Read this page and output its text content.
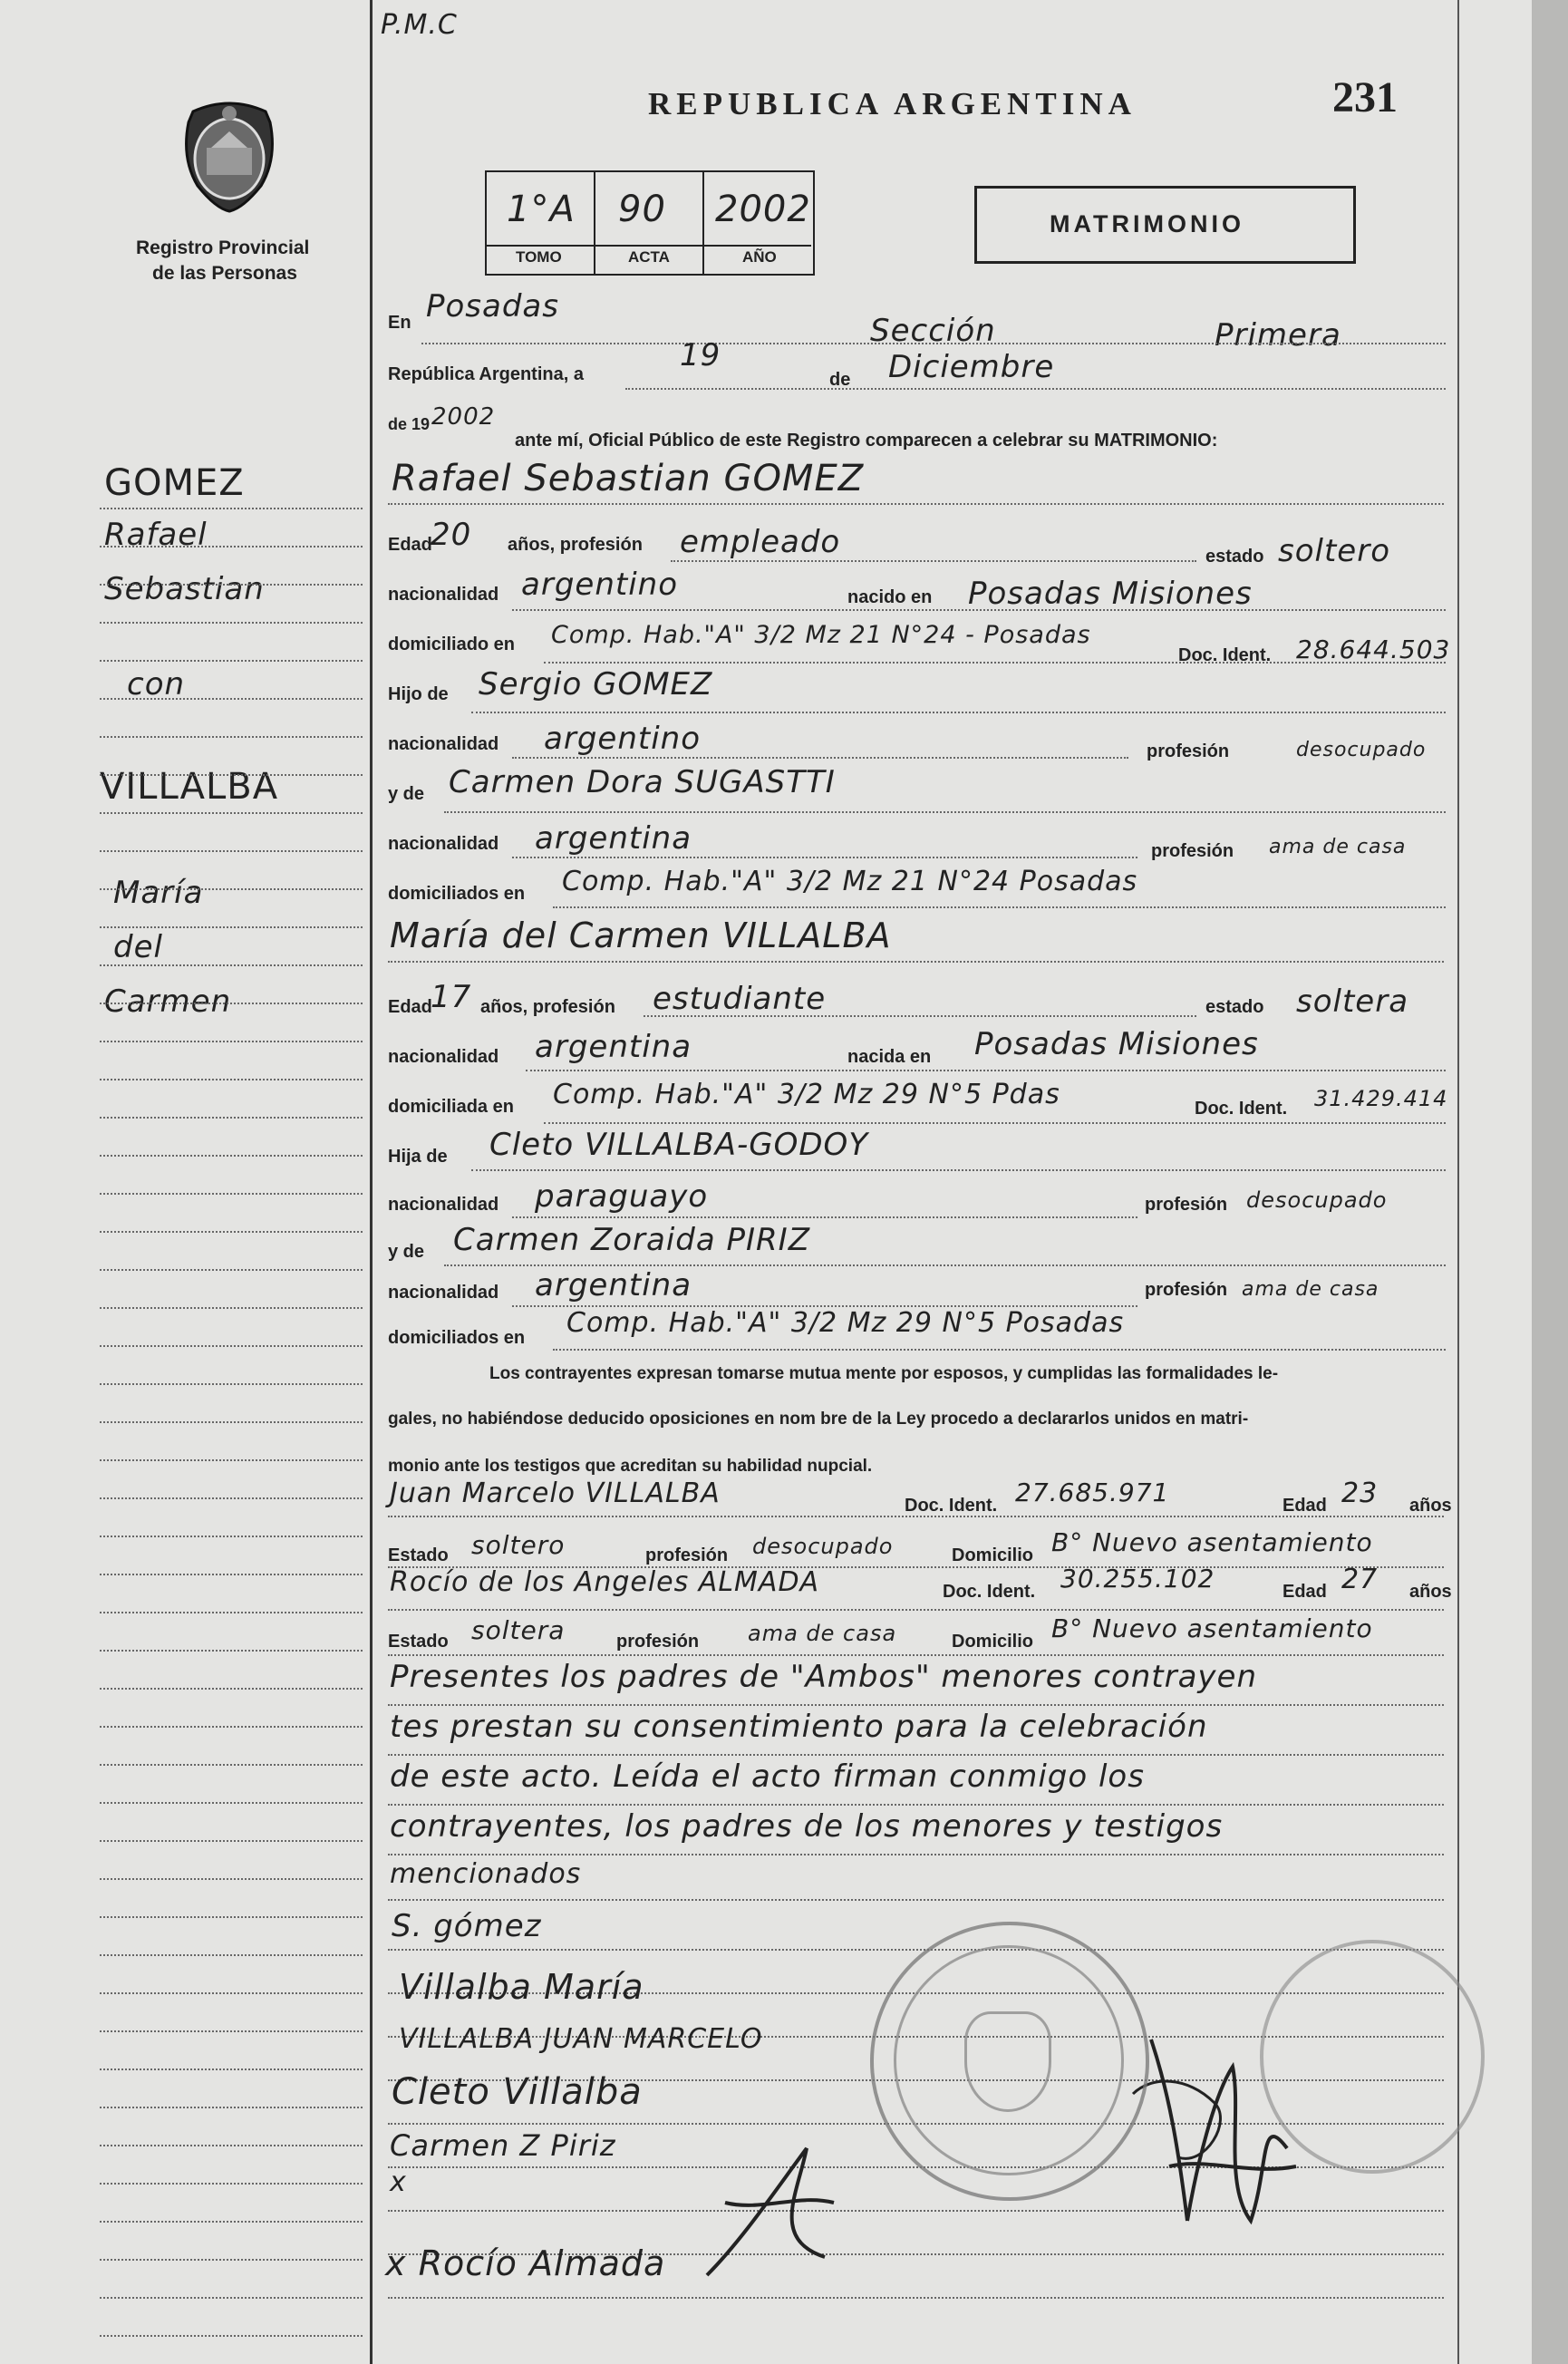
P.M.C
REPUBLICA ARGENTINA	231
Registro Provincial
de las Personas
1°A
TOMO
90
ACTA
2002
AÑO
MATRIMONIO
GOMEZ
Rafael
Sebastian
con
VILLALBA
María
del
Carmen
En Posadas
Sección	Primera
República Argentina, a
19
de Diciembre
de 19 2002
ante mí, Oficial Público de este Registro comparecen a celebrar su MATRIMONIO:
Rafael Sebastian GOMEZ
Edad
20 años, profesión empleado	estado soltero
nacionalidad argentino	nacido en Posadas Misiones
domiciliado en Comp. Hab."A" 3/2 Mz 21 N°24 - Posadas
Doc. Ident. 28.644.503
Hijo de Sergio GOMEZ
nacionalidad argentino	profesión	desocupado
y de Carmen Dora SUGASTTI
nacionalidad argentina	profesión ama de casa
domiciliados en Comp. Hab."A" 3/2 Mz 21 N°24 Posadas
María del Carmen VILLALBA
Edad
17 años, profesión estudiante	estado soltera
nacionalidad argentina	nacida en Posadas Misiones
domiciliada en Comp. Hab."A" 3/2 Mz 29 N°5 Pdas	Doc. Ident. 31.429.414
Hija de Cleto VILLALBA-GODOY
nacionalidad paraguayo	profesión desocupado
y de Carmen Zoraida PIRIZ
nacionalidad argentina	profesión ama de casa
domiciliados en Comp. Hab."A" 3/2 Mz 29 N°5 Posadas
Los contrayentes expresan tomarse mutua mente por esposos, y cumplidas las formalidades le-
gales, no habiéndose deducido oposiciones en nom bre de la Ley procedo a declararlos unidos en matri-
monio ante los testigos que acreditan su habilidad nupcial.
Juan Marcelo VILLALBA	Doc. Ident. 27.685.971	Edad 23 años
Estado soltero	profesión desocupado	Domicilio B° Nuevo asentamiento
Rocío de los Angeles ALMADA	Doc. Ident. 30.255.102	Edad 27 años
Estado soltera	profesión ama de casa	Domicilio B° Nuevo asentamiento
Presentes los padres de "Ambos" menores contrayen
tes prestan su consentimiento para la celebración
de este acto. Leída el acto firman conmigo los
contrayentes, los padres de los menores y testigos
mencionados
S. gómez
Villalba María
VILLALBA JUAN MARCELO
Cleto Villalba
Carmen Z Piriz
x
x Rocío Almada
